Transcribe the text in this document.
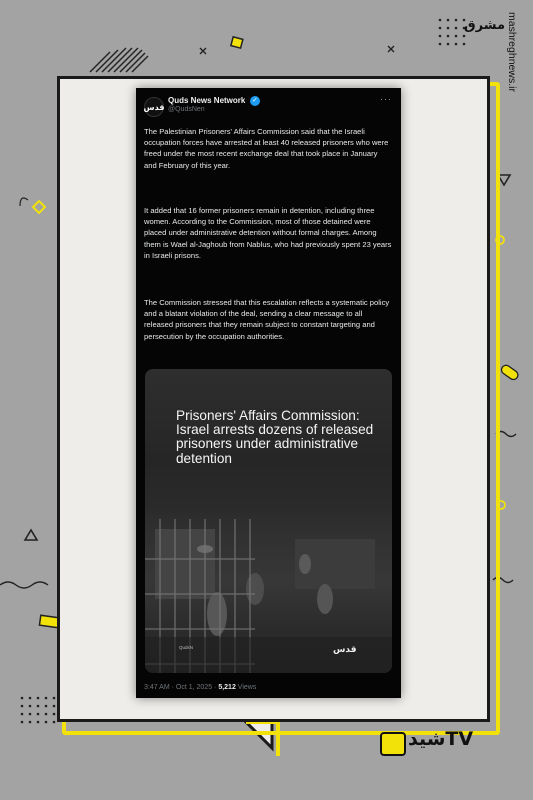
مشرق mashreghnews.ir
قدس
Quds News Network ✓
@QudsNen
···

The Palestinian Prisoners' Affairs Commission said that the Israeli occupation forces have arrested at least 40 released prisoners who were freed under the most recent exchange deal that took place in January and February of this year.

It added that 16 former prisoners remain in detention, including three women. According to the Commission, most of those detained were placed under administrative detention without formal charges. Among them is Wael al-Jaghoub from Nablus, who had previously spent 23 years in Israeli prisons.

The Commission stressed that this escalation reflects a systematic policy and a blatant violation of the deal, sending a clear message to all released prisoners that they remain subject to constant targeting and persecution by the occupation authorities.

Prisoners' Affairs Commission: Israel arrests dozens of released prisoners under administrative detention

QudsN	قدس
3:47 AM · Oct 1, 2025 · 5,212 Views
شیدTV
